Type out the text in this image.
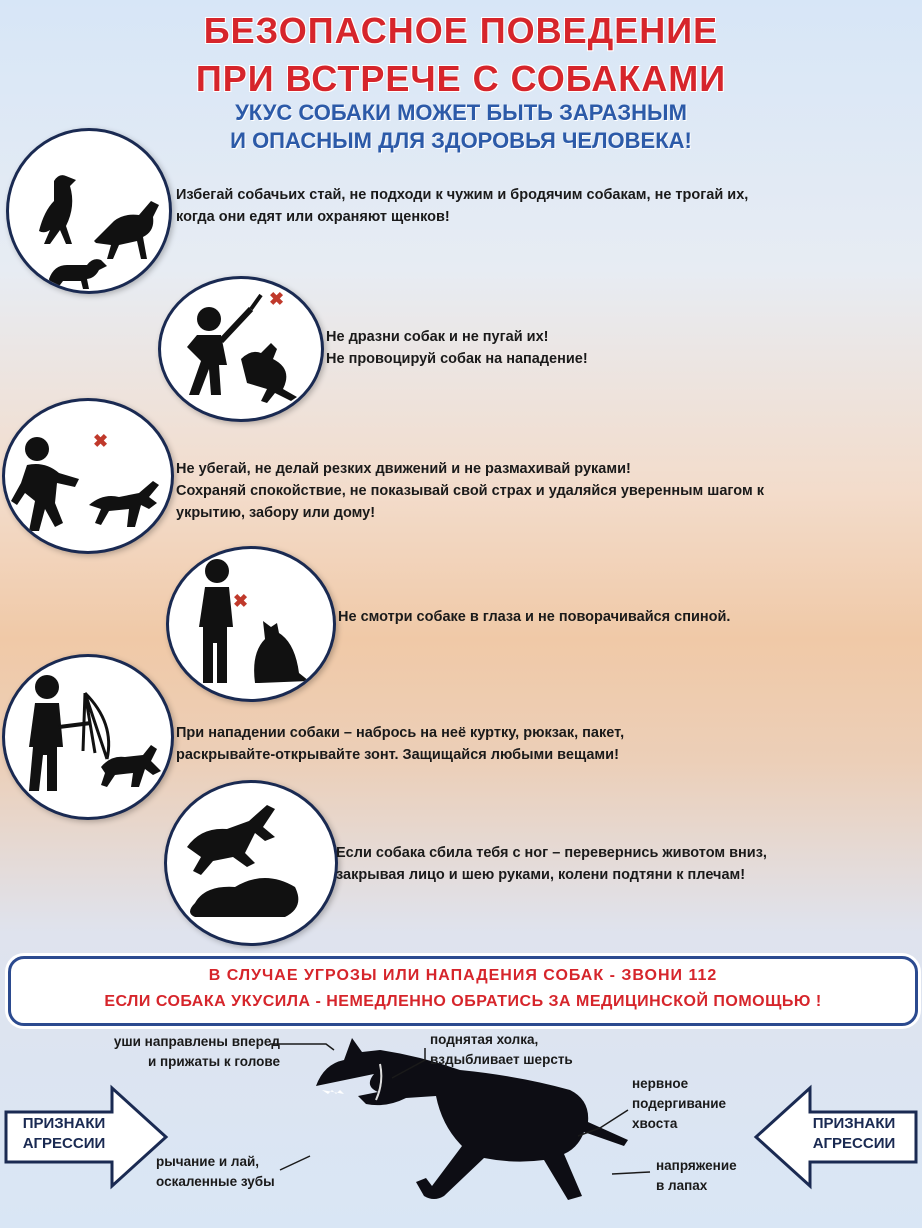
БЕЗОПАСНОЕ ПОВЕДЕНИЕ
ПРИ ВСТРЕЧЕ С СОБАКАМИ
УКУС СОБАКИ МОЖЕТ БЫТЬ ЗАРАЗНЫМ
И ОПАСНЫМ ДЛЯ ЗДОРОВЬЯ ЧЕЛОВЕКА!
Избегай собачьих стай, не подходи к чужим и бродячим собакам, не трогай их,
когда они едят или охраняют щенков!
✖
Не дразни собак и не пугай их!
Не провоцируй собак на нападение!
✖
Не убегай, не делай резких движений и не размахивай руками!
Сохраняй спокойствие, не показывай свой страх и удаляйся уверенным шагом к
укрытию, забору или дому!
✖
Не смотри собаке в глаза и не поворачивайся спиной.
При нападении собаки – набрось на неё куртку, рюкзак, пакет,
раскрывайте-открывайте зонт. Защищайся любыми вещами!
Если собака сбила тебя с ног – перевернись животом вниз,
закрывая лицо и шею руками, колени подтяни к плечам!
В СЛУЧАЕ УГРОЗЫ ИЛИ НАПАДЕНИЯ СОБАК - ЗВОНИ 112
ЕСЛИ СОБАКА УКУСИЛА - НЕМЕДЛЕННО ОБРАТИСЬ ЗА МЕДИЦИНСКОЙ ПОМОЩЬЮ !
ПРИЗНАКИ
АГРЕССИИ
ПРИЗНАКИ
АГРЕССИИ
уши направлены вперед
и прижаты к голове
поднятая холка,
вздыбливает шерсть
нервное
подергивание
хвоста
рычание и лай,
оскаленные зубы
напряжение
в лапах
